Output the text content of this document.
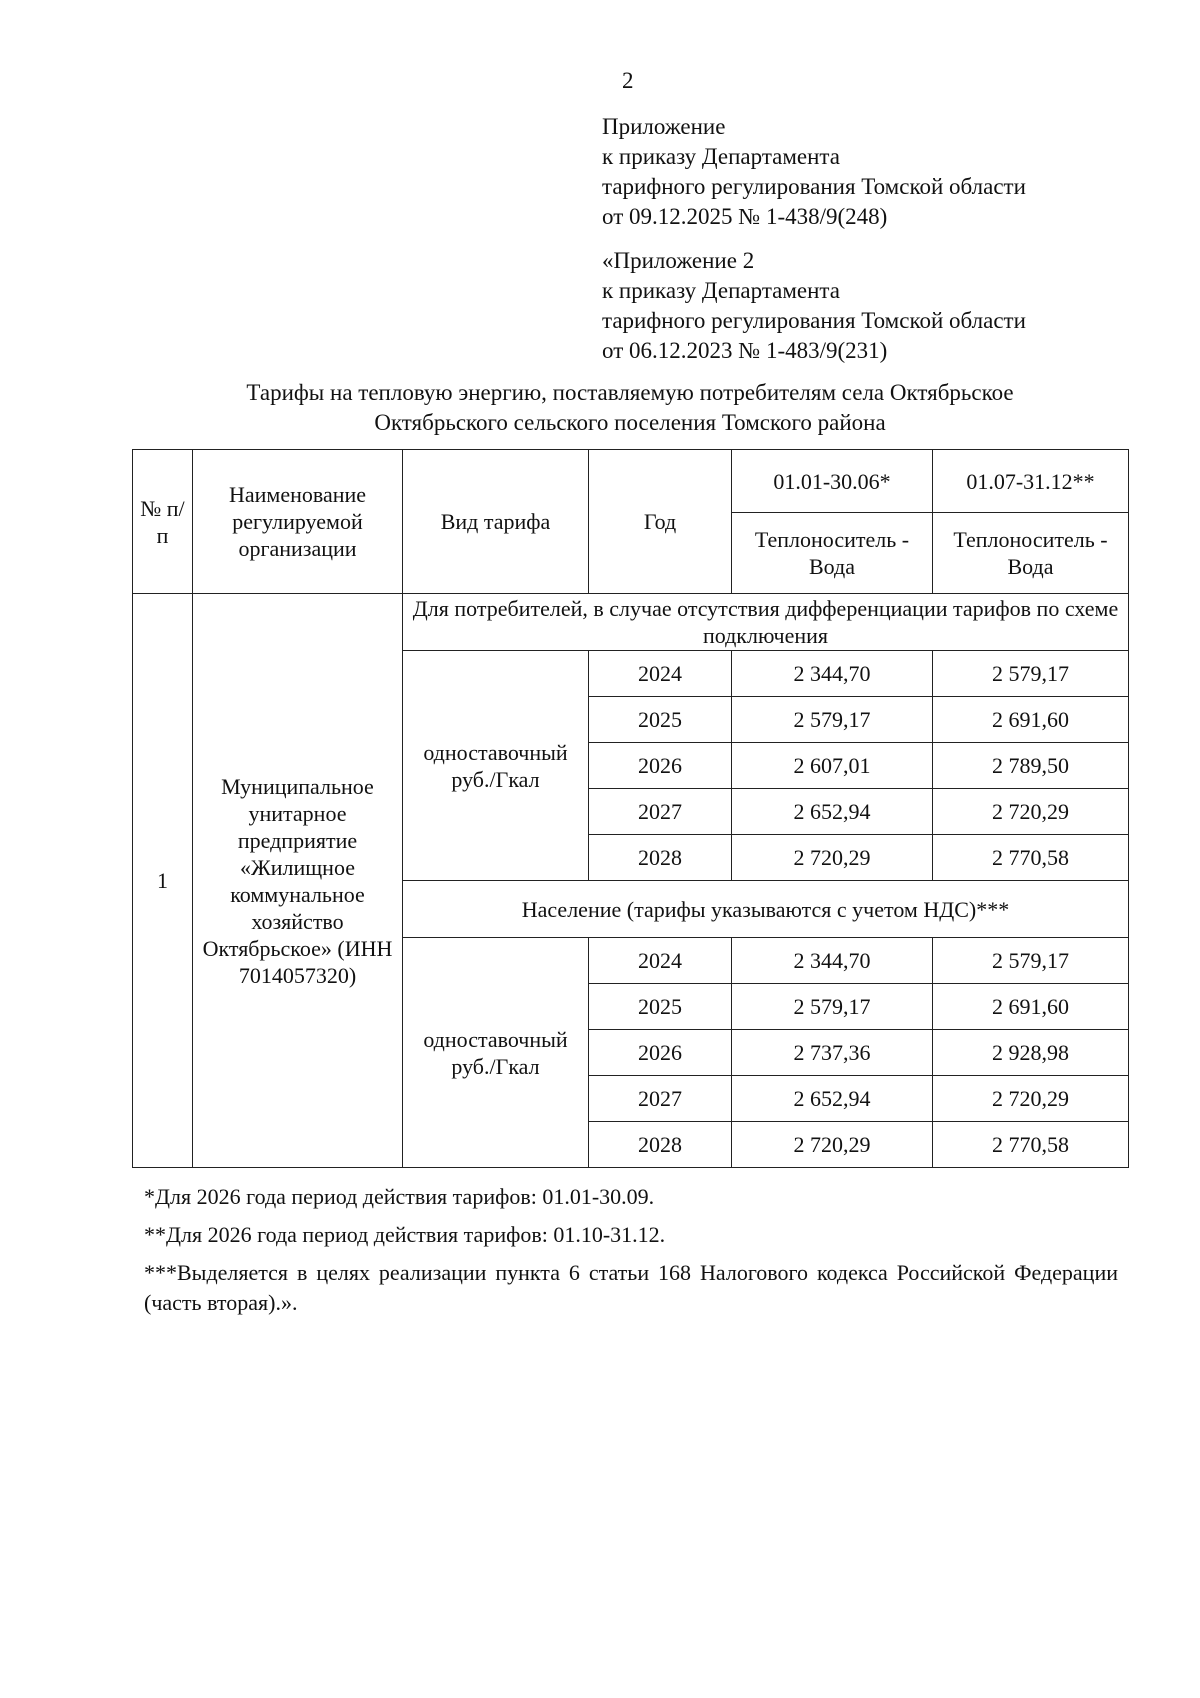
2
Приложение
к приказу Департамента
тарифного регулирования Томской области
от 09.12.2025 № 1-438/9(248)
«Приложение 2
к приказу Департамента
тарифного регулирования Томской области
от 06.12.2023 № 1-483/9(231)
Тарифы на тепловую энергию, поставляемую потребителям села Октябрьское
Октябрьского сельского поселения Томского района
№ п/п	Наименование регулируемой организации	Вид тарифа	Год	01.01-30.06*	01.07-31.12**
				Теплоноситель - Вода	Теплоноситель - Вода
1	Муниципальное унитарное предприятие «Жилищное коммунальное хозяйство Октябрьское» (ИНН 7014057320)	Для потребителей, в случае отсутствия дифференциации тарифов по схеме подключения			
		одноставочный руб./Гкал	2024	2 344,70	2 579,17
			2025	2 579,17	2 691,60
			2026	2 607,01	2 789,50
			2027	2 652,94	2 720,29
			2028	2 720,29	2 770,58
		Население (тарифы указываются с учетом НДС)***			
		одноставочный руб./Гкал	2024	2 344,70	2 579,17
			2025	2 579,17	2 691,60
			2026	2 737,36	2 928,98
			2027	2 652,94	2 720,29
			2028	2 720,29	2 770,58

*Для 2026 года период действия тарифов: 01.01-30.09.

**Для 2026 года период действия тарифов: 01.10-31.12.

***Выделяется в целях реализации пункта 6 статьи 168 Налогового кодекса Российской Федерации (часть вторая).».
